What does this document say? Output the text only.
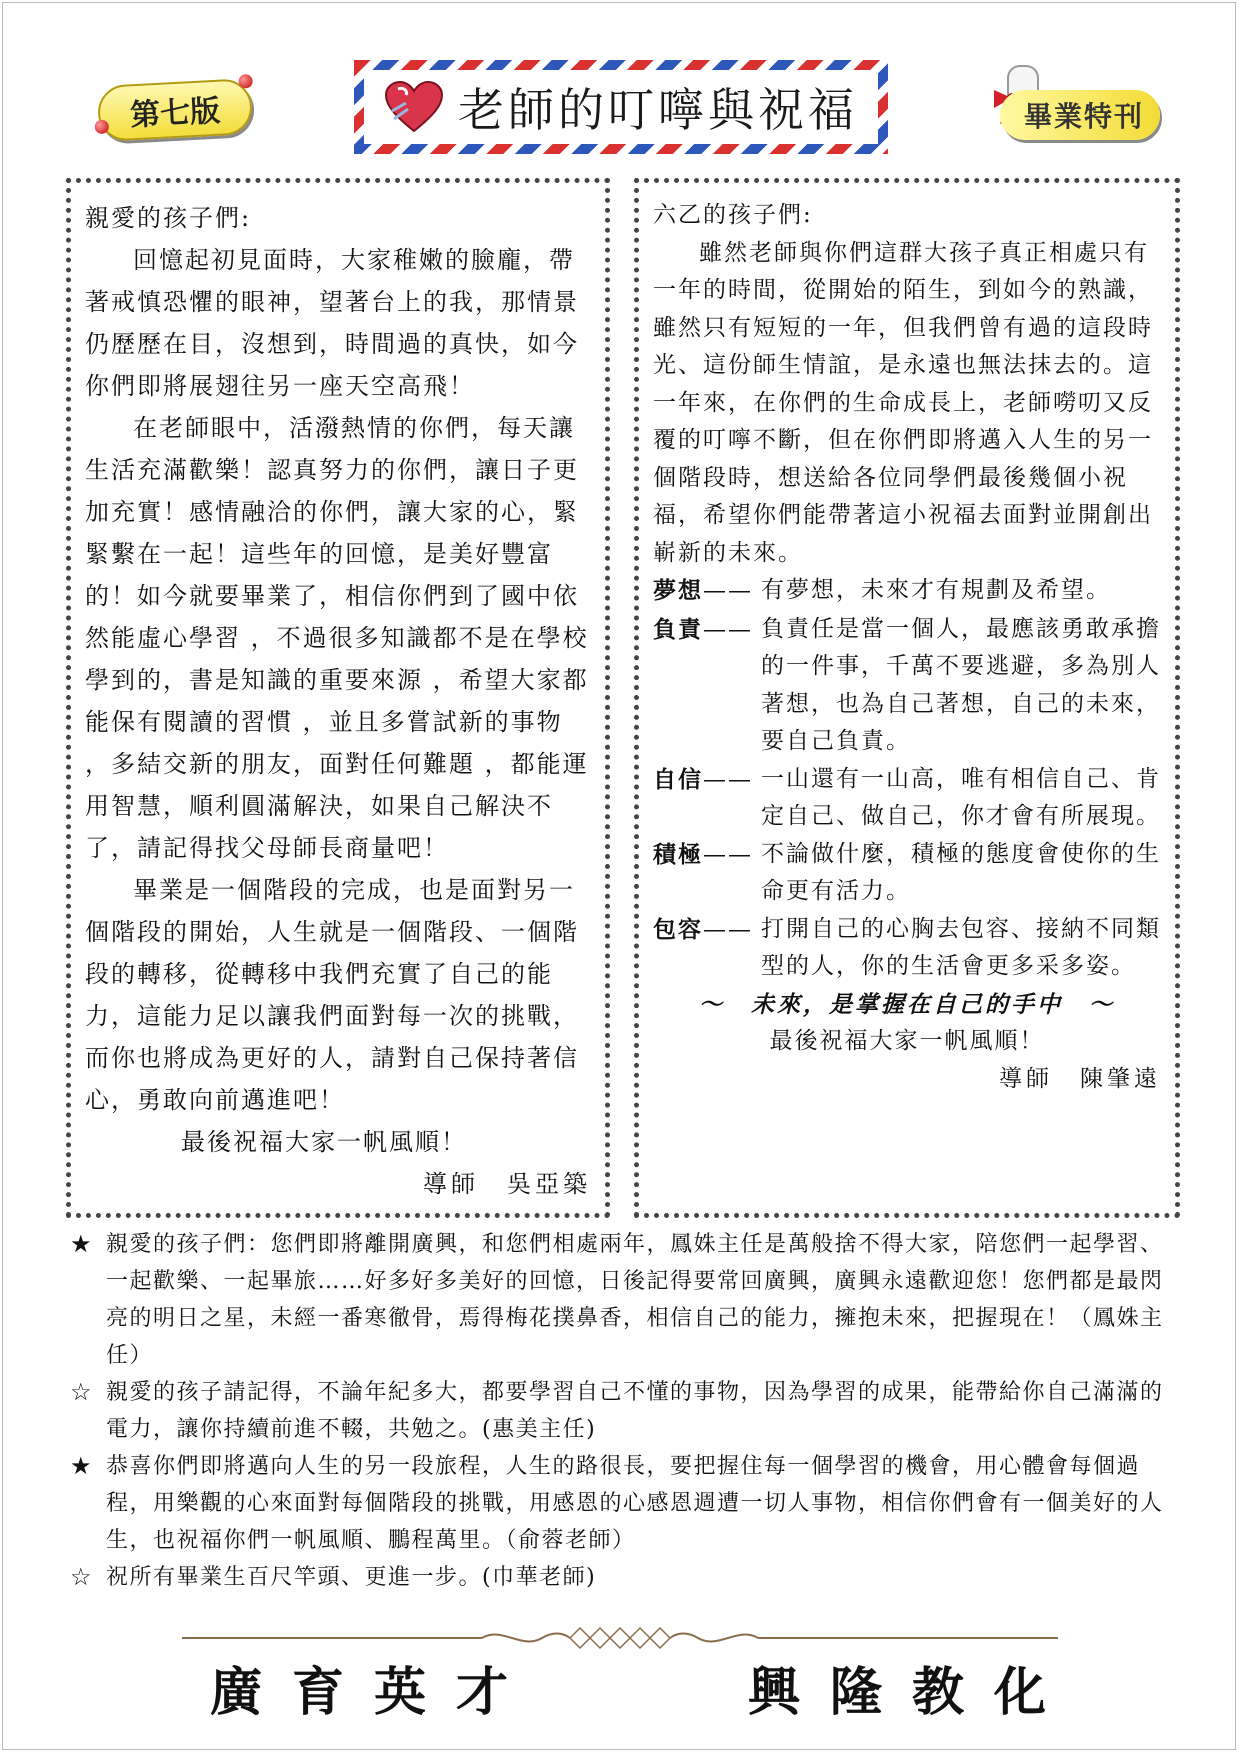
第七版	老師的叮嚀與祝福	畢業特刊

親愛的孩子們:

回憶起初見面時，大家稚嫩的臉龐，帶著戒慎恐懼的眼神，望著台上的我，那情景仍歷歷在目，沒想到，時間過的真快，如今你們即將展翅往另一座天空高飛！

在老師眼中，活潑熱情的你們，每天讓生活充滿歡樂！認真努力的你們，讓日子更加充實！感情融洽的你們，讓大家的心，緊緊繫在一起！這些年的回憶，是美好豐富的！如今就要畢業了，相信你們到了國中依然能虛心學習 ，不過很多知識都不是在學校學到的，書是知識的重要來源 ，希望大家都能保有閱讀的習慣 ，並且多嘗試新的事物 ，多結交新的朋友，面對任何難題 ，都能運用智慧，順利圓滿解決，如果自己解決不了，請記得找父母師長商量吧！

畢業是一個階段的完成，也是面對另一個階段的開始，人生就是一個階段、一個階段的轉移，從轉移中我們充實了自己的能力，這能力足以讓我們面對每一次的挑戰，而你也將成為更好的人，請對自己保持著信心，勇敢向前邁進吧！

最後祝福大家一帆風順！

導師　吳亞築

六乙的孩子們:

雖然老師與你們這群大孩子真正相處只有一年的時間，從開始的陌生，到如今的熟識，雖然只有短短的一年，但我們曾有過的這段時光、這份師生情誼，是永遠也無法抹去的。這一年來，在你們的生命成長上，老師嘮叨又反覆的叮嚀不斷，但在你們即將邁入人生的另一個階段時，想送給各位同學們最後幾個小祝福，希望你們能帶著這小祝福去面對並開創出嶄新的未來。

夢想—— 有夢想，未來才有規劃及希望。
負責—— 負責任是當一個人，最應該勇敢承擔的一件事，千萬不要逃避，多為別人著想，也為自己著想，自己的未來，要自己負責。
自信—— 一山還有一山高，唯有相信自己、肯定自己、做自己，你才會有所展現。
積極—— 不論做什麼，積極的態度會使你的生命更有活力。
包容—— 打開自己的心胸去包容、接納不同類型的人，你的生活會更多采多姿。

～　未來，是掌握在自己的手中　～

最後祝福大家一帆風順！

導師　陳肇遠

★ 親愛的孩子們：您們即將離開廣興，和您們相處兩年，鳳姝主任是萬般捨不得大家，陪您們一起學習、一起歡樂、一起畢旅……好多好多美好的回憶，日後記得要常回廣興，廣興永遠歡迎您！您們都是最閃亮的明日之星，未經一番寒徹骨，焉得梅花撲鼻香，相信自己的能力，擁抱未來，把握現在！（鳳姝主任）
☆ 親愛的孩子請記得，不論年紀多大，都要學習自己不懂的事物，因為學習的成果，能帶給你自己滿滿的電力，讓你持續前進不輟，共勉之。(惠美主任)
★ 恭喜你們即將邁向人生的另一段旅程，人生的路很長，要把握住每一個學習的機會，用心體會每個過程，用樂觀的心來面對每個階段的挑戰，用感恩的心感恩週遭一切人事物，相信你們會有一個美好的人生，也祝福你們一帆風順、鵬程萬里。（俞蓉老師）
☆ 祝所有畢業生百尺竿頭、更進一步。(巾華老師)
廣育英才	興隆教化
